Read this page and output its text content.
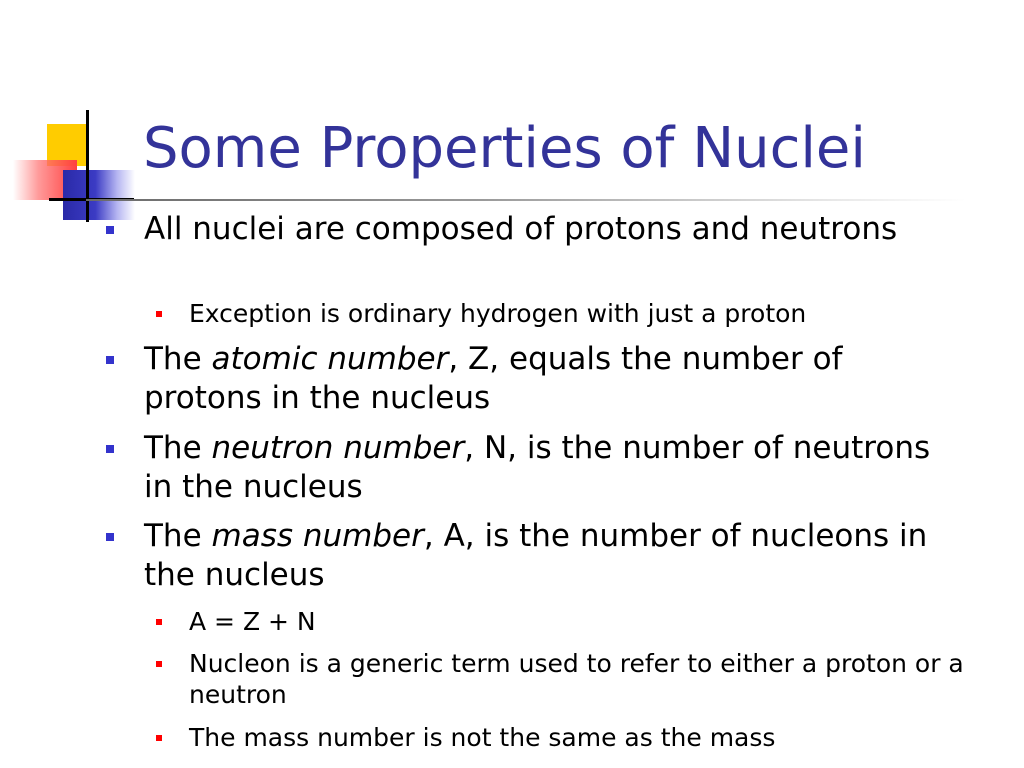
Some Properties of Nuclei
All nuclei are composed of protons and neutrons
Exception is ordinary hydrogen with just a proton
The atomic number, Z, equals the number of protons in the nucleus
The neutron number, N, is the number of neutrons in the nucleus
The mass number, A, is the number of nucleons in the nucleus
A = Z + N
Nucleon is a generic term used to refer to either a proton or a neutron
The mass number is not the same as the mass
